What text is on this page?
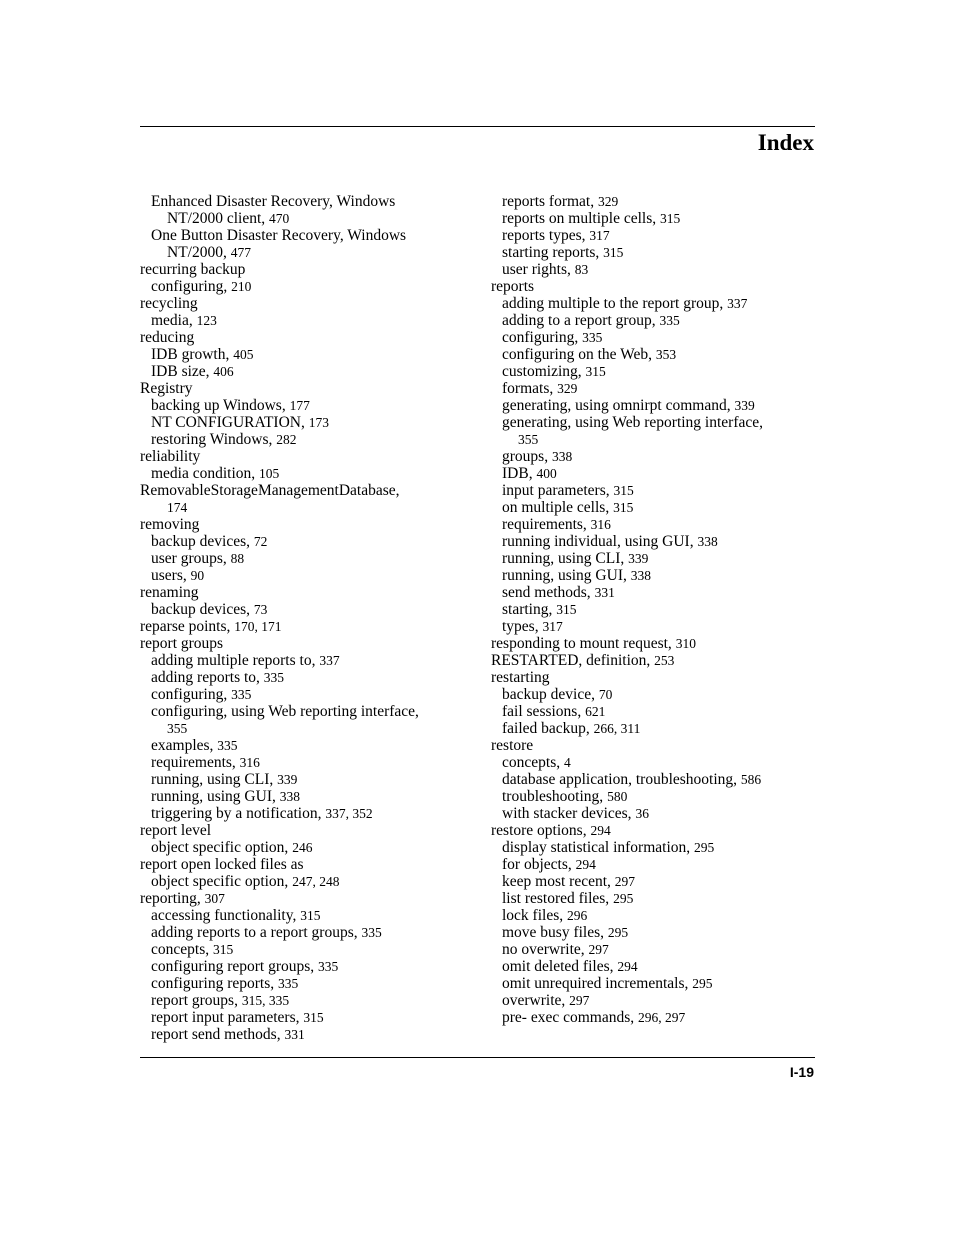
Index
Enhanced Disaster Recovery, Windows
NT/2000 client, 470
One Button Disaster Recovery, Windows
NT/2000, 477
recurring backup
configuring, 210
recycling
media, 123
reducing
IDB growth, 405
IDB size, 406
Registry
backing up Windows, 177
NT CONFIGURATION, 173
restoring Windows, 282
reliability
media condition, 105
RemovableStorageManagementDatabase,
174
removing
backup devices, 72
user groups, 88
users, 90
renaming
backup devices, 73
reparse points, 170, 171
report groups
adding multiple reports to, 337
adding reports to, 335
configuring, 335
configuring, using Web reporting interface,
355
examples, 335
requirements, 316
running, using CLI, 339
running, using GUI, 338
triggering by a notification, 337, 352
report level
object specific option, 246
report open locked files as
object specific option, 247, 248
reporting, 307
accessing functionality, 315
adding reports to a report groups, 335
concepts, 315
configuring report groups, 335
configuring reports, 335
report groups, 315, 335
report input parameters, 315
report send methods, 331
reports format, 329
reports on multiple cells, 315
reports types, 317
starting reports, 315
user rights, 83
reports
adding multiple to the report group, 337
adding to a report group, 335
configuring, 335
configuring on the Web, 353
customizing, 315
formats, 329
generating, using omnirpt command, 339
generating, using Web reporting interface,
355
groups, 338
IDB, 400
input parameters, 315
on multiple cells, 315
requirements, 316
running individual, using GUI, 338
running, using CLI, 339
running, using GUI, 338
send methods, 331
starting, 315
types, 317
responding to mount request, 310
RESTARTED, definition, 253
restarting
backup device, 70
fail sessions, 621
failed backup, 266, 311
restore
concepts, 4
database application, troubleshooting, 586
troubleshooting, 580
with stacker devices, 36
restore options, 294
display statistical information, 295
for objects, 294
keep most recent, 297
list restored files, 295
lock files, 296
move busy files, 295
no overwrite, 297
omit deleted files, 294
omit unrequired incrementals, 295
overwrite, 297
pre- exec commands, 296, 297
I-19
